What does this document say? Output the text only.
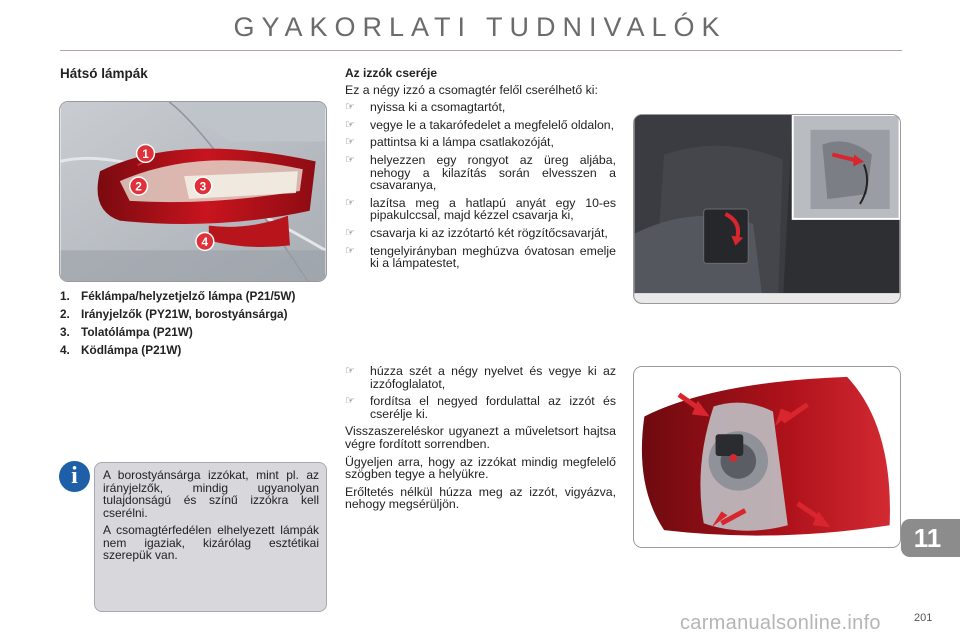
GYAKORLATI TUDNIVALÓK
Hátsó lámpák
1
2	3
4
1. Féklámpa/helyzetjelző lámpa (P21/5W)
2. Irányjelzők (PY21W, borostyánsárga)
3. Tolatólámpa (P21W)
4. Ködlámpa (P21W)
i	A borostyánsárga izzókat, mint pl. az irányjelzők, mindig ugyanolyan tulajdonságú és színű izzókra kell cserélni.

A csomagtérfedélen elhelyezett lámpák nem igaziak, kizárólag esztétikai szerepük van.

Az izzók cseréje

Ez a négy izzó a csomagtér felől cserélhető ki:

☞	nyissa ki a csomagtartót,
☞	vegye le a takarófedelet a megfelelő oldalon,
☞	pattintsa ki a lámpa csatlakozóját,
☞	helyezzen egy rongyot az üreg aljába, nehogy a kilazítás során elvesszen a csavaranya,
☞	lazítsa meg a hatlapú anyát egy 10-es pipakulccsal, majd kézzel csavarja ki,
☞	csavarja ki az izzótartó két rögzítőcsavarját,
☞	tengelyirányban meghúzva óvatosan emelje ki a lámpatestet,
☞	húzza szét a négy nyelvet és vegye ki az izzófoglalatot,
☞	fordítsa el negyed fordulattal az izzót és cserélje ki.

Visszaszereléskor ugyanezt a műveletsort hajtsa végre fordított sorrendben.

Ügyeljen arra, hogy az izzókat mindig megfelelő szögben tegye a helyükre.

Erőltetés nélkül húzza meg az izzót, vigyázva, nehogy megsérüljön.

11
carmanualsonline.info	201
